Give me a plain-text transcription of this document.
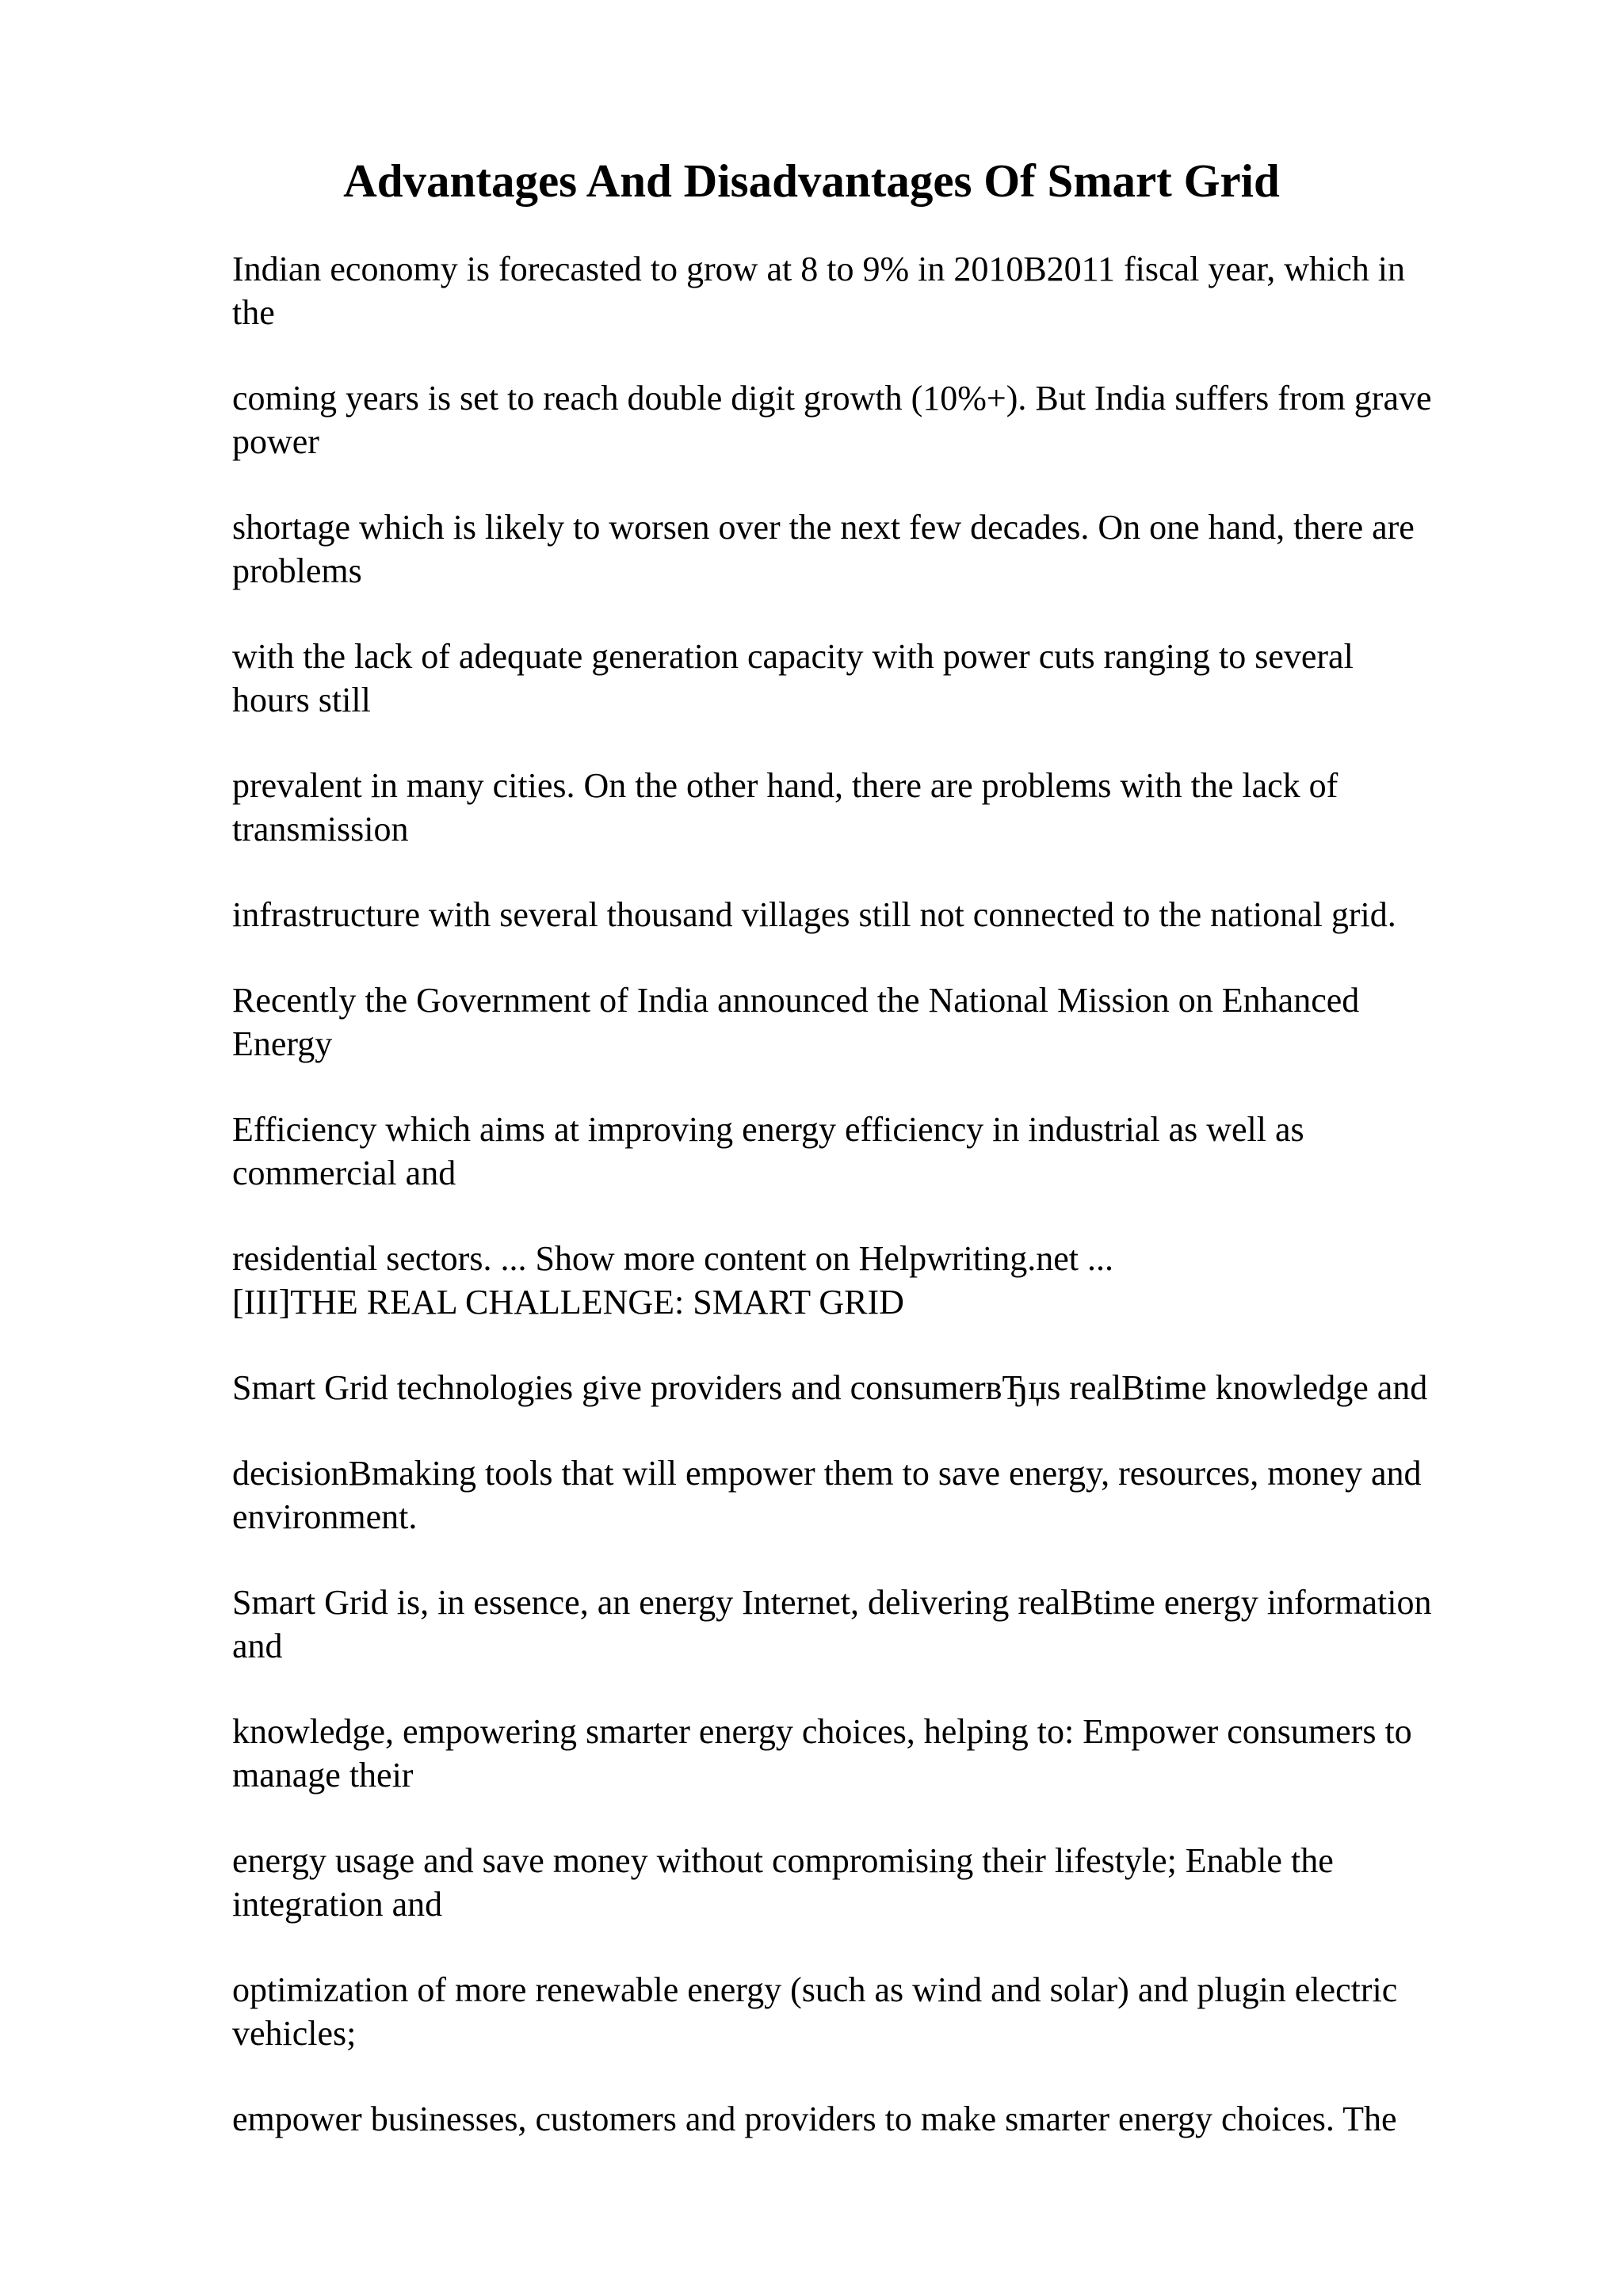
Advantages And Disadvantages Of Smart Grid

Indian economy is forecasted to grow at 8 to 9% in 2010В2011 fiscal year, which in
the

coming years is set to reach double digit growth (10%+). But India suffers from grave
power

shortage which is likely to worsen over the next few decades. On one hand, there are
problems

with the lack of adequate generation capacity with power cuts ranging to several
hours still

prevalent in many cities. On the other hand, there are problems with the lack of
transmission

infrastructure with several thousand villages still not connected to the national grid.

Recently the Government of India announced the National Mission on Enhanced
Energy

Efficiency which aims at improving energy efficiency in industrial as well as
commercial and

residential sectors. ... Show more content on Helpwriting.net ...

[III]THE REAL CHALLENGE: SMART GRID

Smart Grid technologies give providers and consumerвЂџs realВtime knowledge and

decisionВmaking tools that will empower them to save energy, resources, money and
environment.

Smart Grid is, in essence, an energy Internet, delivering realВtime energy information
and

knowledge, empowering smarter energy choices, helping to: Empower consumers to
manage their

energy usage and save money without compromising their lifestyle; Enable the
integration and

optimization of more renewable energy (such as wind and solar) and plugin electric
vehicles;

empower businesses, customers and providers to make smarter energy choices. The
